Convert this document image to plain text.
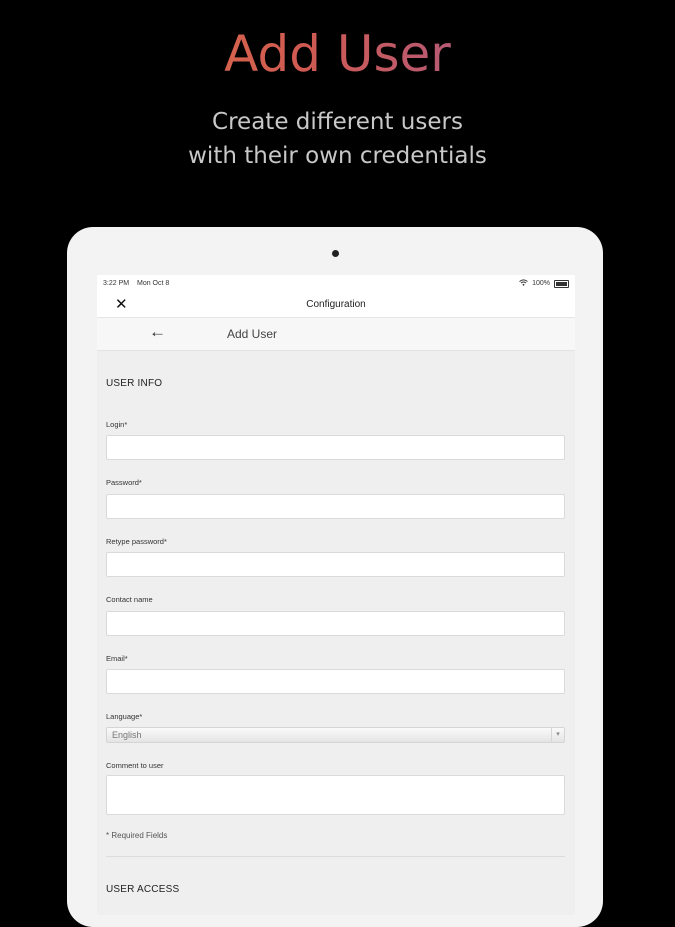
Add User
Create different users
with their own credentials
3:22 PM Mon Oct 8	100%
✕	Configuration
←	Add User
USER INFO
Login*
Password*
Retype password*
Contact name
Email*
Language*
English	▾
Comment to user
* Required Fields
USER ACCESS
